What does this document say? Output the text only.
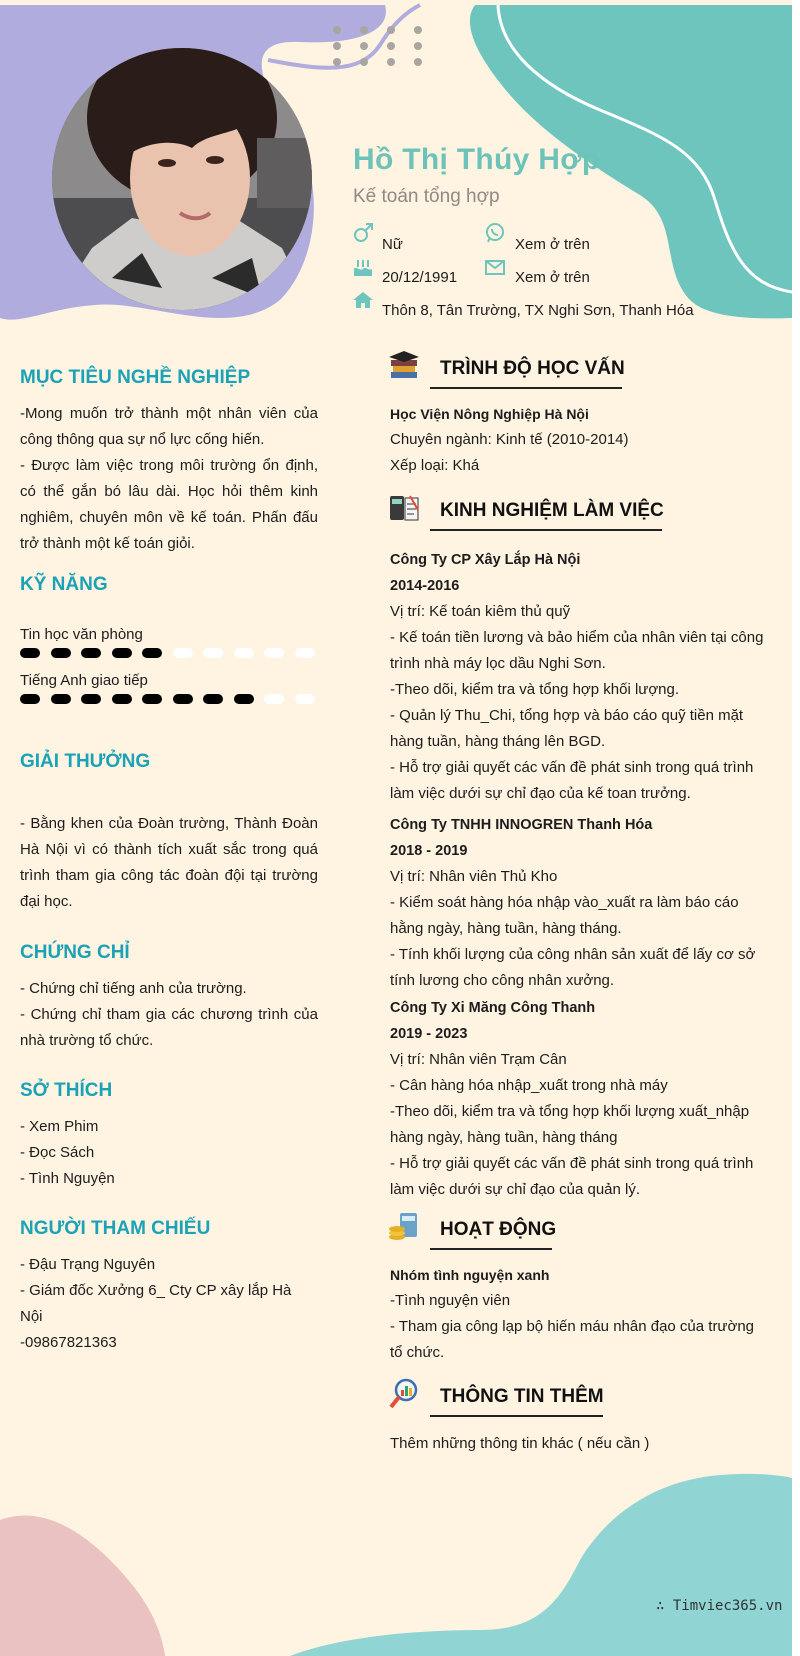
Hồ Thị Thúy Hợp
Kế toán tổng hợp
Nữ	Xem ở trên
20/12/1991	Xem ở trên
Thôn 8, Tân Trường, TX Nghi Sơn, Thanh Hóa
MỤC TIÊU NGHỀ NGHIỆP

-Mong muốn trở thành một nhân viên của công thông qua sự nổ lực cống hiến.

- Được làm việc trong môi trường ổn định, có thể gắn bó lâu dài. Học hỏi thêm kinh nghiêm, chuyên môn về kế toán. Phấn đấu trở thành một kế toán giỏi.

KỸ NĂNG
Tin học văn phòng
Tiếng Anh giao tiếp
GIẢI THƯỞNG
- Bằng khen của Đoàn trường, Thành Đoàn Hà Nội vì có thành tích xuất sắc trong quá trình tham gia công tác đoàn đội tại trường đại học.
CHỨNG CHỈ

- Chứng chỉ tiếng anh của trường.

- Chứng chỉ tham gia các chương trình của nhà trường tổ chức.

SỞ THÍCH

- Xem Phim

- Đọc Sách

- Tình Nguyện

NGƯỜI THAM CHIẾU

- Đậu Trạng Nguyên

- Giám đốc Xưởng 6_ Cty CP xây lắp Hà Nội

-09867821363

TRÌNH ĐỘ HỌC VẤN

Học Viện Nông Nghiệp Hà Nội

Chuyên ngành: Kinh tế (2010-2014)

Xếp loại: Khá

KINH NGHIỆM LÀM VIỆC

Công Ty CP Xây Lắp Hà Nội

2014-2016

Vị trí: Kế toán kiêm thủ quỹ

- Kế toán tiền lương và bảo hiểm của nhân viên tại công trình nhà máy lọc dầu Nghi Sơn.

-Theo dõi, kiểm tra và tổng hợp khối lượng.

- Quản lý Thu_Chi, tổng hợp và báo cáo quỹ tiền mặt hàng tuần, hàng tháng lên BGD.

- Hỗ trợ giải quyết các vấn đề phát sinh trong quá trình làm việc dưới sự chỉ đạo của kế toan trưởng.

Công Ty TNHH INNOGREN Thanh Hóa

2018 - 2019

Vị trí: Nhân viên Thủ Kho

- Kiểm soát hàng hóa nhập vào_xuất ra làm báo cáo hằng ngày, hàng tuần, hàng tháng.

- Tính khối lượng của công nhân sản xuất để lấy cơ sở tính lương cho công nhân xưởng.

Công Ty Xi Măng Công Thanh

2019 - 2023

Vị trí: Nhân viên Trạm Cân

- Cân hàng hóa nhập_xuất trong nhà máy

-Theo dõi, kiểm tra và tổng hợp khối lượng xuất_nhập hàng ngày, hàng tuần, hàng tháng

- Hỗ trợ giải quyết các vấn đề phát sinh trong quá trình làm việc dưới sự chỉ đạo của quản lý.

HOẠT ĐỘNG

Nhóm tình nguyện xanh

-Tình nguyện viên

- Tham gia công lạp bộ hiến máu nhân đạo của trường tổ chức.

THÔNG TIN THÊM
Thêm những thông tin khác ( nếu cần )
∴ Timviec365.vn
